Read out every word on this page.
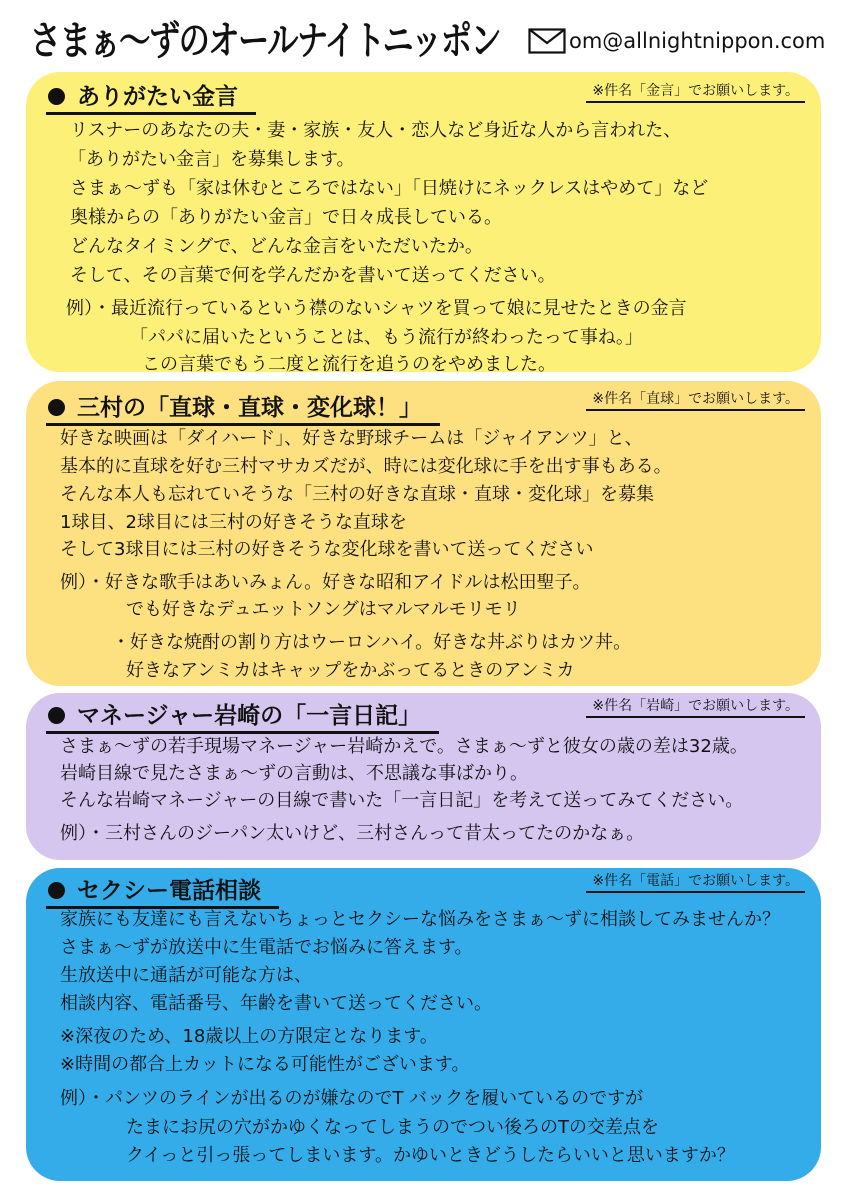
さまぁ〜ずのオールナイトニッポン	om@allnightnippon.com
ありがたい金言	※件名「金言」でお願いします。
リスナーのあなたの夫・妻・家族・友人・恋人など身近な人から言われた、
「ありがたい金言」を募集します。
さまぁ〜ずも「家は休むところではない」「日焼けにネックレスはやめて」など
奥様からの「ありがたい金言」で日々成長している。
どんなタイミングで、どんな金言をいただいたか。
そして、その言葉で何を学んだかを書いて送ってください。
例）・最近流行っているという襟のないシャツを買って娘に見せたときの金言
「パパに届いたということは、もう流行が終わったって事ね。」
この言葉でもう二度と流行を追うのをやめました。
三村の「直球・直球・変化球！」	※件名「直球」でお願いします。
好きな映画は「ダイハード」、好きな野球チームは「ジャイアンツ」と、
基本的に直球を好む三村マサカズだが、時には変化球に手を出す事もある。
そんな本人も忘れていそうな「三村の好きな直球・直球・変化球」を募集
1球目、2球目には三村の好きそうな直球を
そして3球目には三村の好きそうな変化球を書いて送ってください
例）・好きな歌手はあいみょん。好きな昭和アイドルは松田聖子。
でも好きなデュエットソングはマルマルモリモリ
・好きな焼酎の割り方はウーロンハイ。好きな丼ぶりはカツ丼。
好きなアンミカはキャップをかぶってるときのアンミカ
マネージャー岩崎の「一言日記」	※件名「岩崎」でお願いします。
さまぁ〜ずの若手現場マネージャー岩崎かえで。さまぁ〜ずと彼女の歳の差は32歳。
岩崎目線で見たさまぁ〜ずの言動は、不思議な事ばかり。
そんな岩崎マネージャーの目線で書いた「一言日記」を考えて送ってみてください。
例）・三村さんのジーパン太いけど、三村さんって昔太ってたのかなぁ。
セクシー電話相談	※件名「電話」でお願いします。
家族にも友達にも言えないちょっとセクシーな悩みをさまぁ〜ずに相談してみませんか？
さまぁ〜ずが放送中に生電話でお悩みに答えます。
生放送中に通話が可能な方は、
相談内容、電話番号、年齢を書いて送ってください。
※深夜のため、18歳以上の方限定となります。
※時間の都合上カットになる可能性がございます。
例）・パンツのラインが出るのが嫌なのでT バックを履いているのですが
たまにお尻の穴がかゆくなってしまうのでつい後ろのTの交差点を
クイっと引っ張ってしまいます。かゆいときどうしたらいいと思いますか？
